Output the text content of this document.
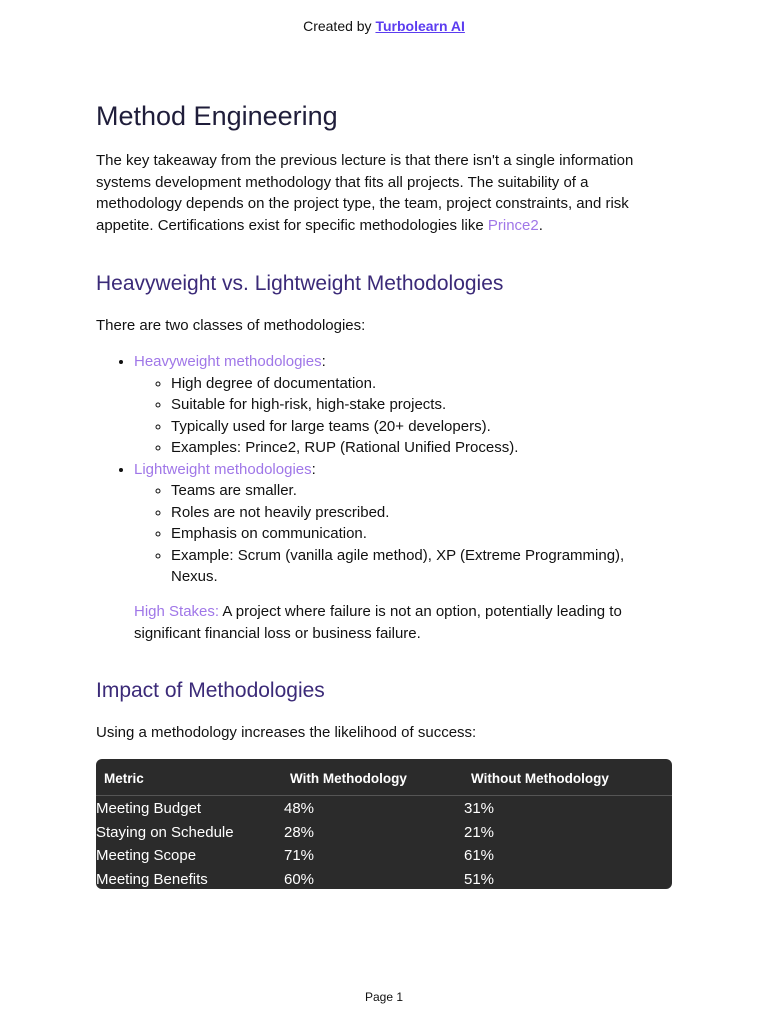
Created by Turbolearn AI
Method Engineering

The key takeaway from the previous lecture is that there isn't a single information systems development methodology that fits all projects. The suitability of a methodology depends on the project type, the team, project constraints, and risk appetite. Certifications exist for specific methodologies like Prince2.

Heavyweight vs. Lightweight Methodologies

There are two classes of methodologies:

• Heavyweight methodologies:
◦ High degree of documentation.
◦ Suitable for high-risk, high-stake projects.
◦ Typically used for large teams (20+ developers).
◦ Examples: Prince2, RUP (Rational Unified Process).
• Lightweight methodologies:
◦ Teams are smaller.
◦ Roles are not heavily prescribed.
◦ Emphasis on communication.
◦ Example: Scrum (vanilla agile method), XP (Extreme Programming), Nexus.

High Stakes: A project where failure is not an option, potentially leading to significant financial loss or business failure.

Impact of Methodologies

Using a methodology increases the likelihood of success:

Metric	With Methodology	Without Methodology
Meeting Budget	48%	31%
Staying on Schedule	28%	21%
Meeting Scope	71%	61%
Meeting Benefits	60%	51%
Page 1
